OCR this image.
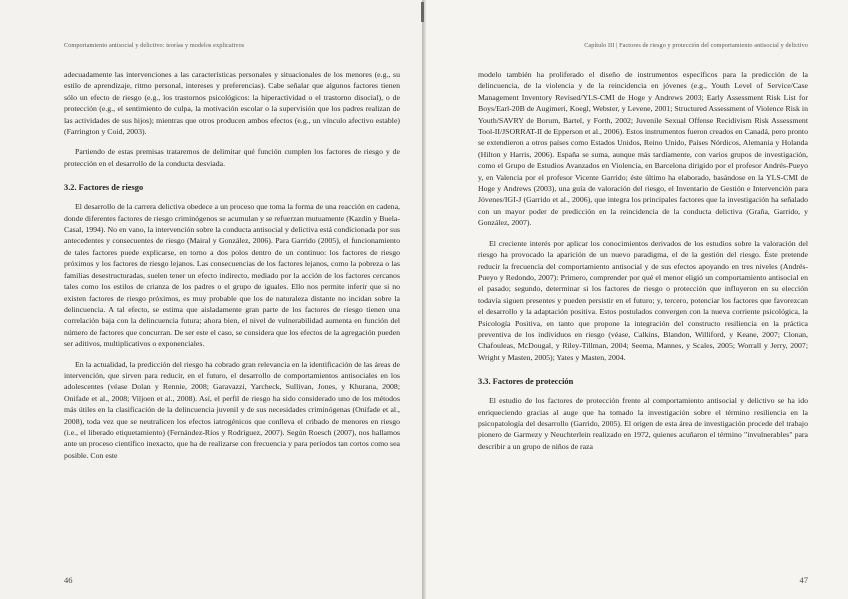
Comportamiento antisocial y delictivo: teorías y modelos explicativos

adecuadamente las intervenciones a las características personales y situacionales de los menores (e.g., su estilo de aprendizaje, ritmo personal, intereses y preferencias). Cabe señalar que algunos factores tienen sólo un efecto de riesgo (e.g., los trastornos psicológicos: la hiperactividad o el trastorno disocial), o de protección (e.g., el sentimiento de culpa, la motivación escolar o la supervisión que los padres realizan de las actividades de sus hijos); mientras que otros producen ambos efectos (e.g., un vínculo afectivo estable) (Farrington y Coid, 2003).

Partiendo de estas premisas trataremos de delimitar qué función cumplen los factores de riesgo y de protección en el desarrollo de la conducta desviada.

3.2. Factores de riesgo

El desarrollo de la carrera delictiva obedece a un proceso que toma la forma de una reacción en cadena, donde diferentes factores de riesgo criminógenos se acumulan y se refuerzan mutuamente (Kazdin y Buela-Casal, 1994). No en vano, la intervención sobre la conducta antisocial y delictiva está condicionada por sus antecedentes y consecuentes de riesgo (Mairal y González, 2006). Para Garrido (2005), el funcionamiento de tales factores puede explicarse, en torno a dos polos dentro de un continuo: los factores de riesgo próximos y los factores de riesgo lejanos. Las consecuencias de los factores lejanos, como la pobreza o las familias desestructuradas, suelen tener un efecto indirecto, mediado por la acción de los factores cercanos tales como los estilos de crianza de los padres o el grupo de iguales. Ello nos permite inferir que si no existen factores de riesgo próximos, es muy probable que los de naturaleza distante no incidan sobre la delincuencia. A tal efecto, se estima que aisladamente gran parte de los factores de riesgo tienen una correlación baja con la delincuencia futura; ahora bien, el nivel de vulnerabilidad aumenta en función del número de factores que concurran. De ser este el caso, se considera que los efectos de la agregación pueden ser aditivos, multiplicativos o exponenciales.

En la actualidad, la predicción del riesgo ha cobrado gran relevancia en la identificación de las áreas de intervención, que sirven para reducir, en el futuro, el desarrollo de comportamientos antisociales en los adolescentes (véase Dolan y Rennie, 2008; Garavazzi, Yarcheck, Sullivan, Jones, y Khurana, 2008; Onifade et al., 2008; Viljoen et al., 2008). Así, el perfil de riesgo ha sido considerado uno de los métodos más útiles en la clasificación de la delincuencia juvenil y de sus necesidades criminógenas (Onifade et al., 2008), toda vez que se neutralicen los efectos iatrogénicos que conlleva el cribado de menores en riesgo (i.e., el liberado etiquetamiento) (Fernández-Ríos y Rodríguez, 2007). Según Roesch (2007), nos hallamos ante un proceso científico inexacto, que ha de realizarse con frecuencia y para períodos tan cortos como sea posible. Con este

46
Capítulo III | Factores de riesgo y protección del comportamiento antisocial y delictivo

modelo también ha proliferado el diseño de instrumentos específicos para la predicción de la delincuencia, de la violencia y de la reincidencia en jóvenes (e.g., Youth Level of Service/Case Management Inventory Revised/YLS-CMI de Hoge y Andrews 2003; Early Assessment Risk List for Boys/Earl-20B de Augimeri, Koegl, Webster, y Levene, 2001; Structured Assessment of Violence Risk in Youth/SAVRY de Borum, Bartel, y Forth, 2002; Juvenile Sexual Offense Recidivism Risk Assessment Tool-II/JSORRAT-II de Epperson et al., 2006). Estos instrumentos fueron creados en Canadá, pero pronto se extendieron a otros países como Estados Unidos, Reino Unido, Países Nórdicos, Alemania y Holanda (Hilton y Harris, 2006). España se suma, aunque más tardíamente, con varios grupos de investigación, como el Grupo de Estudios Avanzados en Violencia, en Barcelona dirigido por el profesor Andrés-Pueyo y, en Valencia por el profesor Vicente Garrido; éste último ha elaborado, basándose en la YLS-CMI de Hoge y Andrews (2003), una guía de valoración del riesgo, el Inventario de Gestión e Intervención para Jóvenes/IGI-J (Garrido et al., 2006), que integra los principales factores que la investigación ha señalado con un mayor poder de predicción en la reincidencia de la conducta delictiva (Graña, Garrido, y González, 2007).

El creciente interés por aplicar los conocimientos derivados de los estudios sobre la valoración del riesgo ha provocado la aparición de un nuevo paradigma, el de la gestión del riesgo. Éste pretende reducir la frecuencia del comportamiento antisocial y de sus efectos apoyando en tres niveles (Andrés-Pueyo y Redondo, 2007): Primero, comprender por qué el menor eligió un comportamiento antisocial en el pasado; segundo, determinar si los factores de riesgo o protección que influyeron en su elección todavía siguen presentes y pueden persistir en el futuro; y, tercero, potenciar los factores que favorezcan el desarrollo y la adaptación positiva. Estos postulados convergen con la nueva corriente psicológica, la Psicología Positiva, en tanto que propone la integración del constructo resiliencia en la práctica preventiva de los individuos en riesgo (véase, Calkins, Blandon, Williford, y Keane, 2007; Clonan, Chafouleas, McDougal, y Riley-Tillman, 2004; Seema, Mannes, y Scales, 2005; Worrall y Jerry, 2007; Wright y Masten, 2005); Yates y Masten, 2004.

3.3. Factores de protección

El estudio de los factores de protección frente al comportamiento antisocial y delictivo se ha ido enriqueciendo gracias al auge que ha tomado la investigación sobre el término resiliencia en la psicopatología del desarrollo (Garrido, 2005). El origen de esta área de investigación procede del trabajo pionero de Garmezy y Neuchterlein realizado en 1972, quienes acuñaron el término "invulnerables" para describir a un grupo de niños de raza

47
